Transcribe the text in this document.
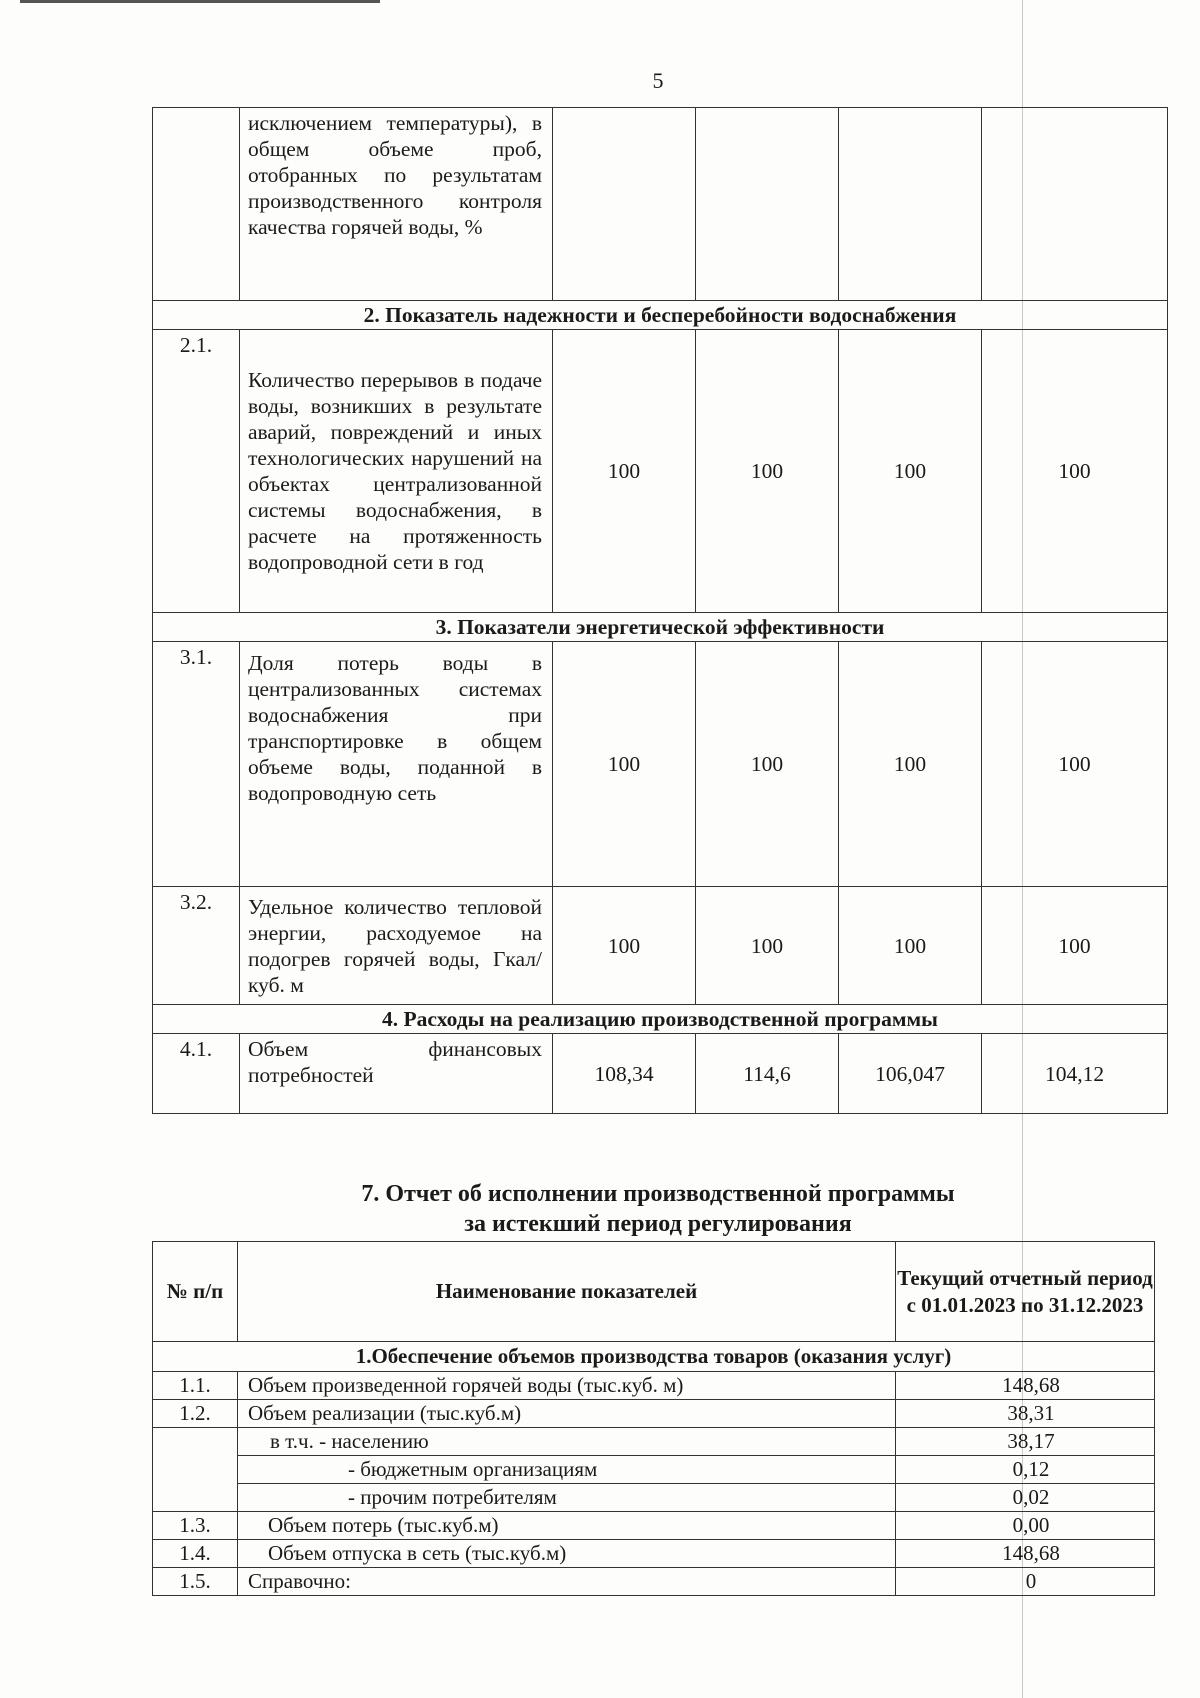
5
	исключением температуры), в общем объеме проб, отобранных по результатам производственного контроля качества горячей воды, %				
2. Показатель надежности и бесперебойности водоснабжения					
2.1.	Количество перерывов в подаче воды, возникших в результате аварий, повреждений и иных технологических нарушений на объектах централизованной системы водоснабжения, в расчете на протяженность водопроводной сети в год	100	100	100	100
3. Показатели энергетической эффективности					
3.1.	Доля потерь воды в централизованных системах водоснабжения при транспортировке в общем объеме воды, поданной в водопроводную сеть	100	100	100	100
3.2.	Удельное количество тепловой энергии, расходуемое на подогрев горячей воды, Гкал/куб. м	100	100	100	100
4. Расходы на реализацию производственной программы					
4.1.	Объем финансовых потребностей	108,34	114,6	106,047	104,12
7. Отчет об исполнении производственной программы
за истекший период регулирования
№ п/п	Наименование показателей	Текущий отчетный период с 01.01.2023 по 31.12.2023
1.Обеспечение объемов производства товаров (оказания услуг)		
1.1.	Объем произведенной горячей воды (тыс.куб. м)	148,68
1.2.	Объем реализации (тыс.куб.м)	38,31
	в т.ч. - населению	38,17
	- бюджетным организациям	0,12
	- прочим потребителям	0,02
1.3.	Объем потерь (тыс.куб.м)	0,00
1.4.	Объем отпуска в сеть (тыс.куб.м)	148,68
1.5.	Справочно:	0
